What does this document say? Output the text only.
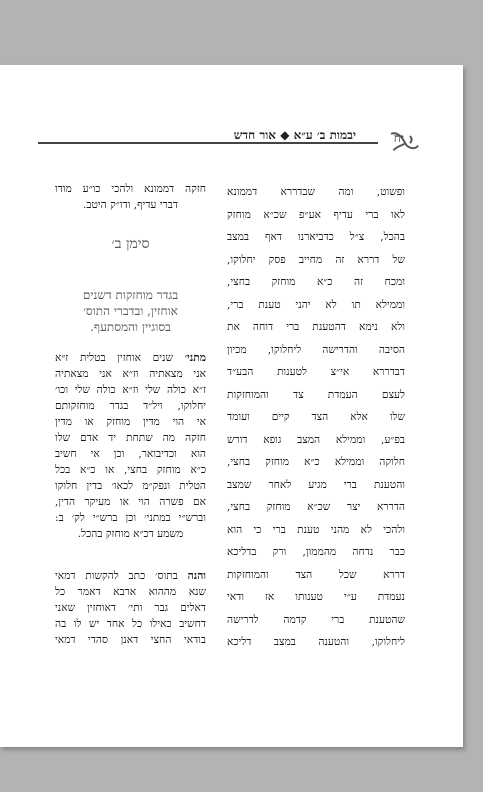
יח
יבמות ב׳ ע״א ◆ אור חדש
ופשוט, ומה שבדררא דממונא
לאו ברי עדיף אע״פ שכ״א מוחזק
בהכל, צ״ל כדביארנו דאף במצב
של דררא זה מחייב פסק יחלוקו,
ומכח זה כ״א מוחזק בחצי,
וממילא תו לא יהני טענת ברי,
ולא נימא דהטענת ברי דוחה את
הסיבה והדרישה ליחלוקו, מכיון
דבדררא אי״צ לטענות הבע״ד
לעצם העמדת צד והמוחזקות
שלו אלא הצד קיים ועומד
בפ״ע, וממילא המצב גופא דורש
חלוקה וממילא כ״א מוחזק בחצי,
והטענת ברי מגיע לאחר שמצב
הדררא יצר שכ״א מוחזק בחצי,
ולהכי לא מהני טענת ברי כי הוא
כבר נדחה מהממון, ורק בדליכא
דררא שכל הצד והמוחזקות
נעמדת ע״י טענותו אז ודאי
שהטענת ברי קדמה לדרישה
ליחלוקו, והטענה במצב דליכא
חזקה דממונא ולהכי כו״ע מודו
דברי עדיף, ודו״ק היטב.
סימן ב׳
בגדר מוחזקות דשנים
אוחזין, ובדברי התוס׳
בסוגיין והמסתעף.
מתני׳ שנים אוחזין בטלית ז״א
אני מצאתיה וז״א אני מצאתיה
ז״א כולה שלי וז״א כולה שלי וכו׳
יחלוקו, ויל״ד בגדר מוחזקותם
אי הוי מדין מוחזק או מדין
חזקה מה שתחת יד אדם שלו
הוא וכדיבואר, וכן אי חשיב
כ״א מוחזק בחצי, או כ״א בכל
הטלית ונפק״מ לכאו׳ בדין חלוקו
אם פשרה הוי או מעיקר הדין,
וברש״י במתני׳ וכן ברש״י לק׳ ב:
משמע דכ״א מוחזק בהכל.
והנה בתוס׳ כתב להקשות דמאי
שנא מההוא ארבא דאמר כל
דאלים גבר ותי׳ דאוחזין שאני
דחשיב כאילו כל אחד יש לו בה
בודאי החצי דאנן סהדי דמאי
